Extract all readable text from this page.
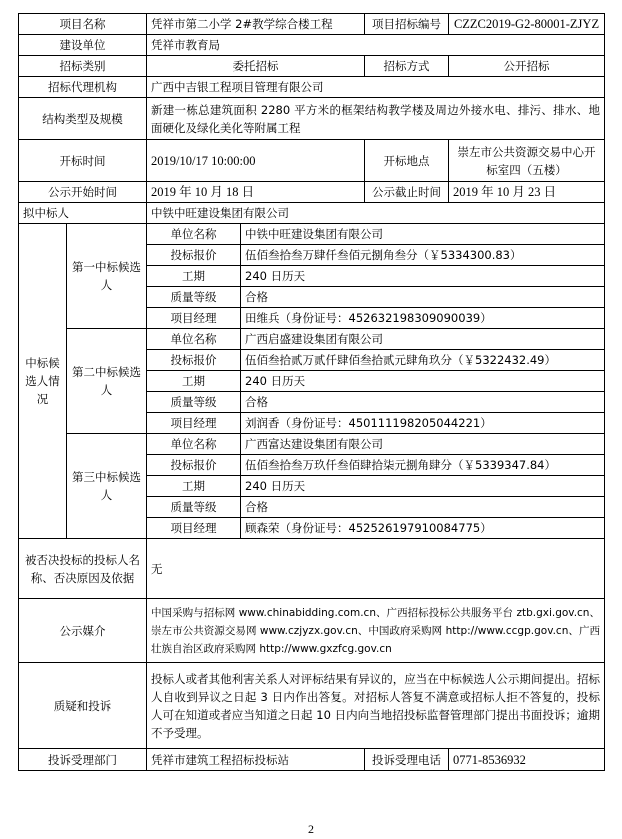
项目名称		凭祥市第二小学 2#教学综合楼工程		项目招标编号	CZZC2019-G2-80001-ZJYZ
建设单位		凭祥市教育局			
招标类别		委托招标		招标方式	公开招标
招标代理机构		广西中吉银工程项目管理有限公司			
结构类型及规模		新建一栋总建筑面积 2280 平方米的框架结构教学楼及周边外接水电、排污、排水、地面硬化及绿化美化等附属工程			
开标时间		2019/10/17 10:00:00		开标地点	崇左市公共资源交易中心开标室四（五楼）
公示开始时间		2019 年 10 月 18 日		公示截止时间	2019 年 10 月 23 日
拟中标人		中铁中旺建设集团有限公司			
中标候选人情况	第一中标候选人	单位名称	中铁中旺建设集团有限公司		
		投标报价	伍佰叁拾叁万肆仟叁佰元捌角叁分（￥5334300.83）		
		工期	240 日历天		
		质量等级	合格		
		项目经理	田维兵（身份证号：452632198309090039）		
	第二中标候选人	单位名称	广西启盛建设集团有限公司		
		投标报价	伍佰叁拾贰万贰仟肆佰叁拾贰元肆角玖分（￥5322432.49）		
		工期	240 日历天		
		质量等级	合格		
		项目经理	刘润香（身份证号：450111198205044221）		
	第三中标候选人	单位名称	广西富达建设集团有限公司		
		投标报价	伍佰叁拾叁万玖仟叁佰肆拾柒元捌角肆分（￥5339347.84）		
		工期	240 日历天		
		质量等级	合格		
		项目经理	顾森荣（身份证号：452526197910084775）		
被否决投标的投标人名称、否决原因及依据		无			
公示媒介		中国采购与招标网 www.chinabidding.com.cn、广西招标投标公共服务平台 ztb.gxi.gov.cn、崇左市公共资源交易网 www.czjyzx.gov.cn、中国政府采购网 http://www.ccgp.gov.cn、广西壮族自治区政府采购网 http://www.gxzfcg.gov.cn			
质疑和投诉		投标人或者其他利害关系人对评标结果有异议的，应当在中标候选人公示期间提出。招标人自收到异议之日起 3 日内作出答复。对招标人答复不满意或招标人拒不答复的，投标人可在知道或者应当知道之日起 10 日内向当地招投标监督管理部门提出书面投诉；逾期不予受理。			
投诉受理部门		凭祥市建筑工程招标投标站		投诉受理电话	0771-8536932
2
